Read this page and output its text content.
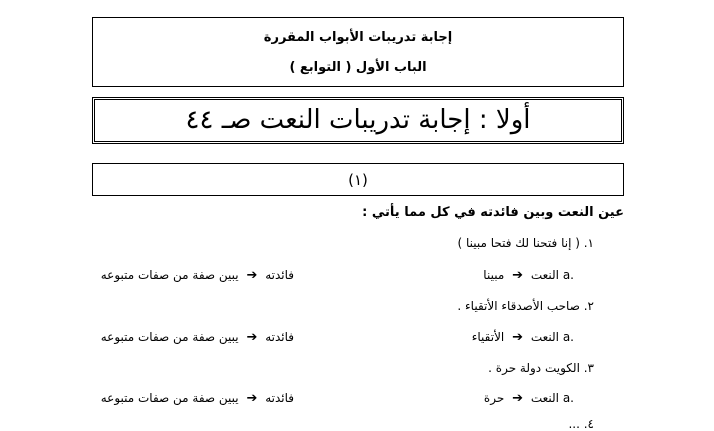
إجابة تدريبات الأبواب المقررة
الباب الأول ( التوابع )
أولا : إجابة تدريبات النعت صـ ٤٤
(١)
عين النعت وبين فائدته في كل مما يأتي :
١. ( إنا فتحنا لك فتحا مبينا )
a. النعت ➔ مبينا
فائدته ➔ يبين صفة من صفات متبوعه
٢. صاحب الأصدقاء الأتقياء .
a. النعت ➔ الأتقياء
فائدته ➔ يبين صفة من صفات متبوعه
٣. الكويت دولة حرة .
a. النعت ➔ حرة
فائدته ➔ يبين صفة من صفات متبوعه
٤. ...
